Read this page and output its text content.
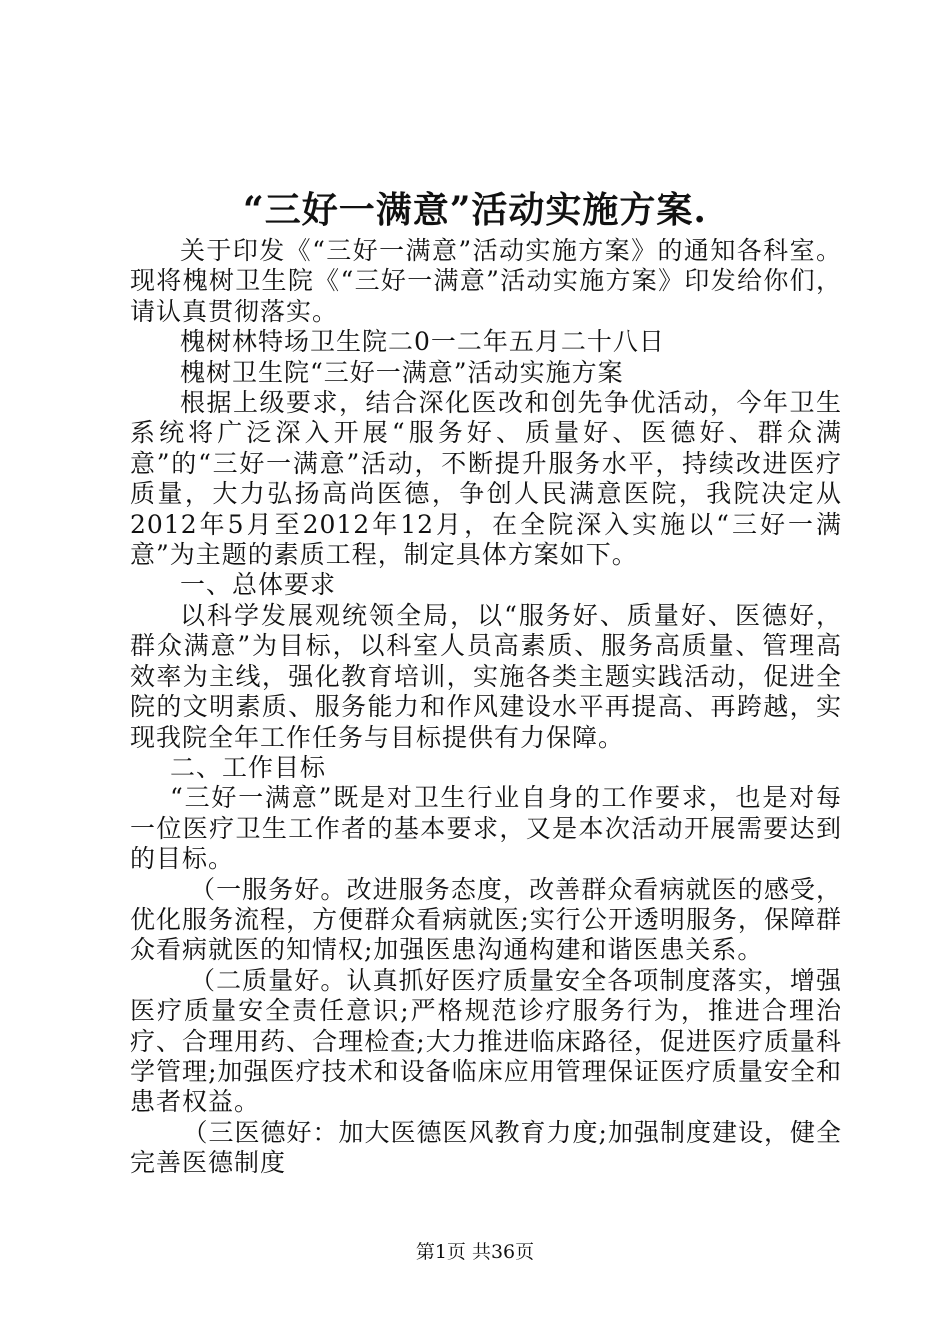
“三好一满意”活动实施方案.

关于印发《“三好一满意”活动实施方案》的通知各科室。现将槐树卫生院《“三好一满意”活动实施方案》印发给你们，请认真贯彻落实。

槐树林特场卫生院二0一二年五月二十八日

槐树卫生院“三好一满意”活动实施方案

根据上级要求，结合深化医改和创先争优活动，今年卫生系统将广泛深入开展“服务好、质量好、医德好、群众满意”的“三好一满意”活动，不断提升服务水平，持续改进医疗质量，大力弘扬高尚医德，争创人民满意医院，我院决定从2012年5月至2012年12月，在全院深入实施以“三好一满意”为主题的素质工程，制定具体方案如下。

一、总体要求

以科学发展观统领全局，以“服务好、质量好、医德好，群众满意”为目标，以科室人员高素质、服务高质量、管理高效率为主线，强化教育培训，实施各类主题实践活动，促进全院的文明素质、服务能力和作风建设水平再提高、再跨越，实现我院全年工作任务与目标提供有力保障。

二、工作目标

“三好一满意”既是对卫生行业自身的工作要求，也是对每一位医疗卫生工作者的基本要求，又是本次活动开展需要达到的目标。

（一服务好。改进服务态度，改善群众看病就医的感受，优化服务流程，方便群众看病就医;实行公开透明服务，保障群众看病就医的知情权;加强医患沟通构建和谐医患关系。

（二质量好。认真抓好医疗质量安全各项制度落实，增强医疗质量安全责任意识;严格规范诊疗服务行为，推进合理治疗、合理用药、合理检查;大力推进临床路径，促进医疗质量科学管理;加强医疗技术和设备临床应用管理保证医疗质量安全和患者权益。

（三医德好：加大医德医风教育力度;加强制度建设，健全完善医德制度

第1页 共36页
